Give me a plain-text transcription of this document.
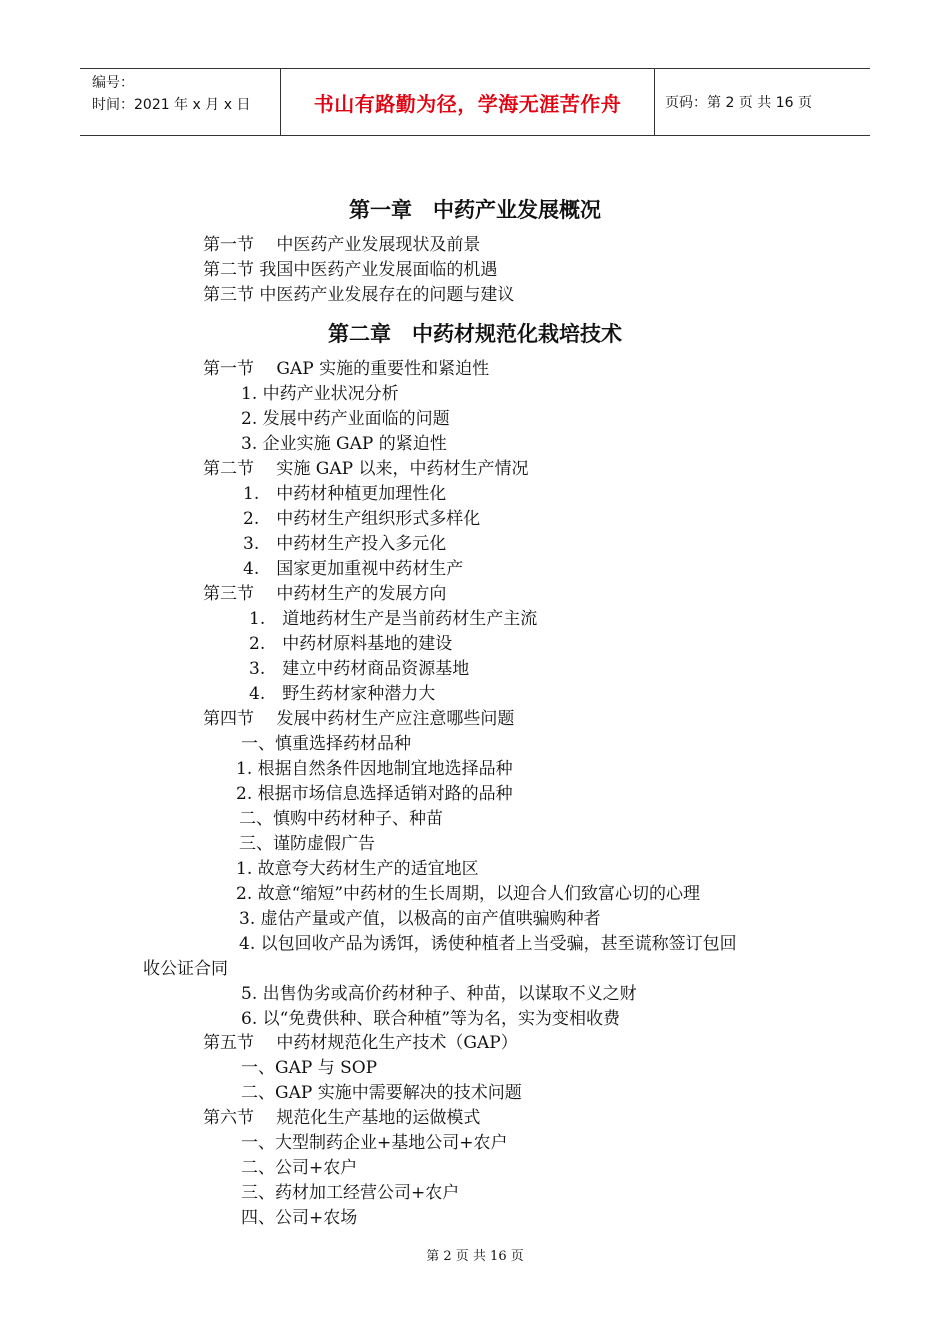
编号：
时间：2021 年 x 月 x 日	书山有路勤为径，学海无涯苦作舟	页码：第 2 页 共 16 页
第一章　中药产业发展概况
第一节　 中医药产业发展现状及前景
第二节 我国中医药产业发展面临的机遇
第三节 中医药产业发展存在的问题与建议
第二章　中药材规范化栽培技术
第一节　 GAP 实施的重要性和紧迫性
1. 中药产业状况分析
2. 发展中药产业面临的问题
3. 企业实施 GAP 的紧迫性
第二节　 实施 GAP 以来，中药材生产情况
1.　中药材种植更加理性化
2.　中药材生产组织形式多样化
3.　中药材生产投入多元化
4.　国家更加重视中药材生产
第三节　 中药材生产的发展方向
1.　道地药材生产是当前药材生产主流
2.　中药材原料基地的建设
3.　建立中药材商品资源基地
4.　野生药材家种潜力大
第四节　 发展中药材生产应注意哪些问题
一、慎重选择药材品种
1. 根据自然条件因地制宜地选择品种
2. 根据市场信息选择适销对路的品种
二、慎购中药材种子、种苗
三、谨防虚假广告
1. 故意夸大药材生产的适宜地区
2. 故意“缩短”中药材的生长周期，以迎合人们致富心切的心理
3. 虚估产量或产值，以极高的亩产值哄骗购种者
4. 以包回收产品为诱饵，诱使种植者上当受骗，甚至谎称签订包回
收公证合同
5. 出售伪劣或高价药材种子、种苗，以谋取不义之财
6. 以“免费供种、联合种植”等为名，实为变相收费
第五节　 中药材规范化生产技术（GAP）
一、GAP 与 SOP
二、GAP 实施中需要解决的技术问题
第六节　 规范化生产基地的运做模式
一、大型制药企业+基地公司+农户
二、公司+农户
三、药材加工经营公司+农户
四、公司+农场
第 2 页 共 16 页
